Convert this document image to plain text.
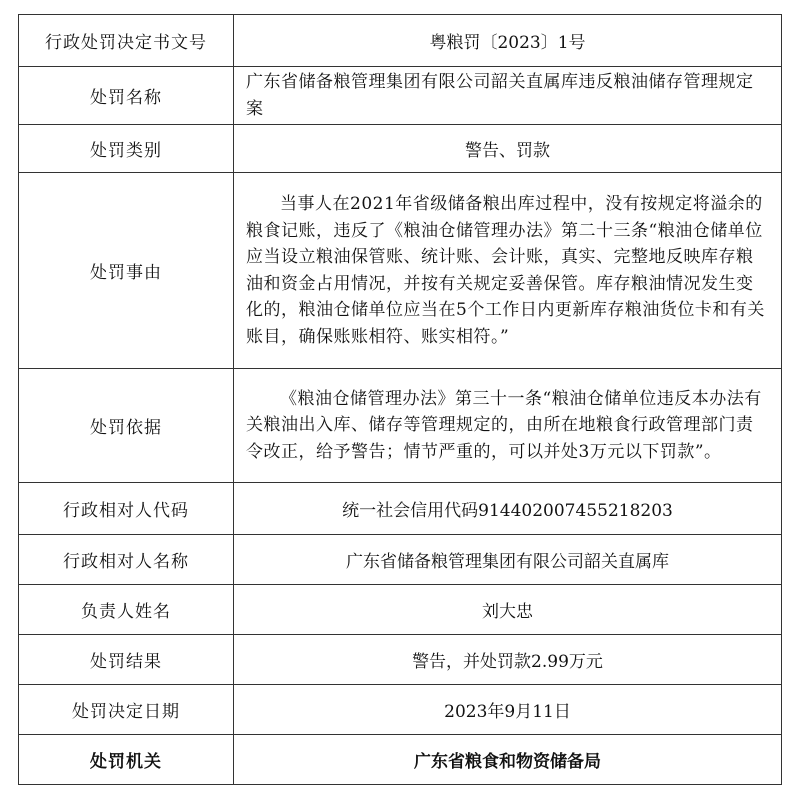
行政处罚决定书文号	粤粮罚〔2023〕1号
处罚名称	广东省储备粮管理集团有限公司韶关直属库违反粮油储存管理规定案
处罚类别	警告、罚款
处罚事由	当事人在2021年省级储备粮出库过程中，没有按规定将溢余的粮食记账，违反了《粮油仓储管理办法》第二十三条“粮油仓储单位应当设立粮油保管账、统计账、会计账，真实、完整地反映库存粮油和资金占用情况，并按有关规定妥善保管。库存粮油情况发生变化的，粮油仓储单位应当在5个工作日内更新库存粮油货位卡和有关账目，确保账账相符、账实相符。”
处罚依据	《粮油仓储管理办法》第三十一条“粮油仓储单位违反本办法有关粮油出入库、储存等管理规定的，由所在地粮食行政管理部门责令改正，给予警告；情节严重的，可以并处3万元以下罚款”。
行政相对人代码	统一社会信用代码914402007455218203
行政相对人名称	广东省储备粮管理集团有限公司韶关直属库
负责人姓名	刘大忠
处罚结果	警告，并处罚款2.99万元
处罚决定日期	2023年9月11日
处罚机关	广东省粮食和物资储备局
